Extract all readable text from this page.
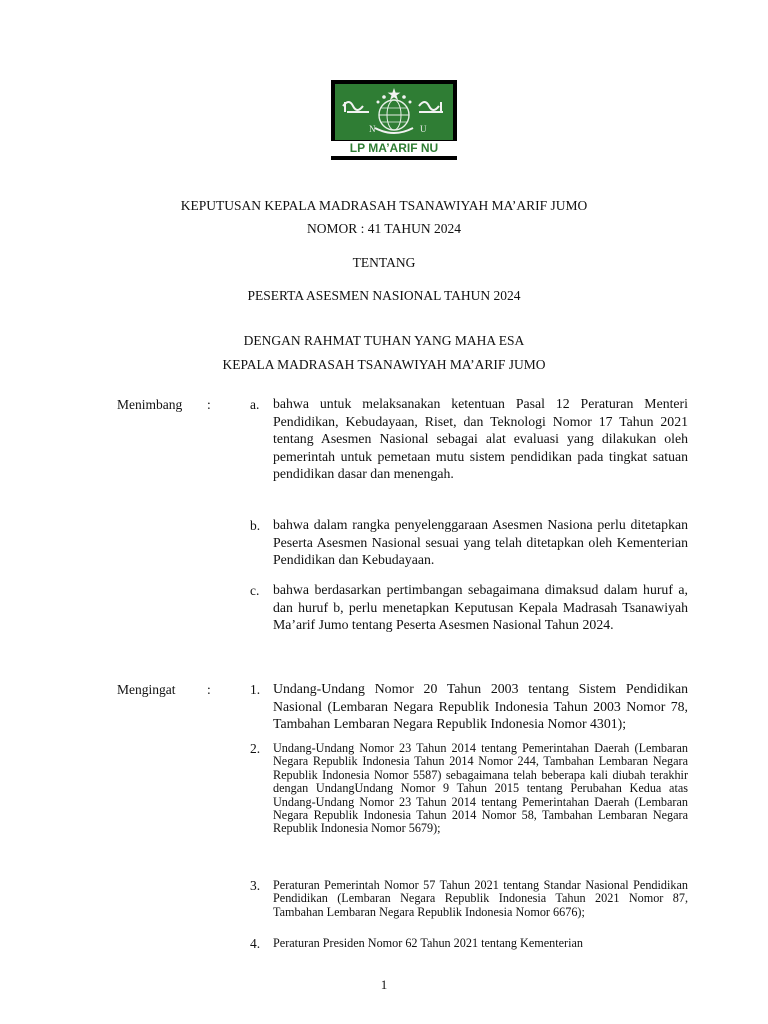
N	U
LP MA’ARIF NU
KEPUTUSAN KEPALA MADRASAH TSANAWIYAH MA’ARIF JUMO
NOMOR : 41 TAHUN 2024
TENTANG
PESERTA ASESMEN NASIONAL TAHUN 2024
DENGAN RAHMAT TUHAN YANG MAHA ESA
KEPALA MADRASAH TSANAWIYAH MA’ARIF JUMO
Menimbang :	a. bahwa untuk melaksanakan ketentuan Pasal 12 Peraturan Menteri Pendidikan, Kebudayaan, Riset, dan Teknologi Nomor 17 Tahun 2021 tentang Asesmen Nasional sebagai alat evaluasi yang dilakukan oleh pemerintah untuk pemetaan mutu sistem pendidikan pada tingkat satuan pendidikan dasar dan menengah.

b. bahwa dalam rangka penyelenggaraan Asesmen Nasiona perlu ditetapkan Peserta Asesmen Nasional sesuai yang telah ditetapkan oleh Kementerian Pendidikan dan Kebudayaan.

c. bahwa berdasarkan pertimbangan sebagaimana dimaksud dalam huruf a, dan huruf b, perlu menetapkan Keputusan Kepala Madrasah Tsanawiyah Ma’arif Jumo tentang Peserta Asesmen Nasional Tahun 2024.

Mengingat :	1. Undang-Undang Nomor 20 Tahun 2003 tentang Sistem Pendidikan Nasional (Lembaran Negara Republik Indonesia Tahun 2003 Nomor 78, Tambahan Lembaran Negara Republik Indonesia Nomor 4301);

2. Undang-Undang Nomor 23 Tahun 2014 tentang Pemerintahan Daerah (Lembaran Negara Republik Indonesia Tahun 2014 Nomor 244, Tambahan Lembaran Negara Republik Indonesia Nomor 5587) sebagaimana telah beberapa kali diubah terakhir dengan UndangUndang Nomor 9 Tahun 2015 tentang Perubahan Kedua atas Undang-Undang Nomor 23 Tahun 2014 tentang Pemerintahan Daerah (Lembaran Negara Republik Indonesia Tahun 2014 Nomor 58, Tambahan Lembaran Negara Republik Indonesia Nomor 5679);

3. Peraturan Pemerintah Nomor 57 Tahun 2021 tentang Standar Nasional Pendidikan Pendidikan (Lembaran Negara Republik Indonesia Tahun 2021 Nomor 87, Tambahan Lembaran Negara Republik Indonesia Nomor 6676);

4. Peraturan Presiden Nomor 62 Tahun 2021 tentang Kementerian

1
